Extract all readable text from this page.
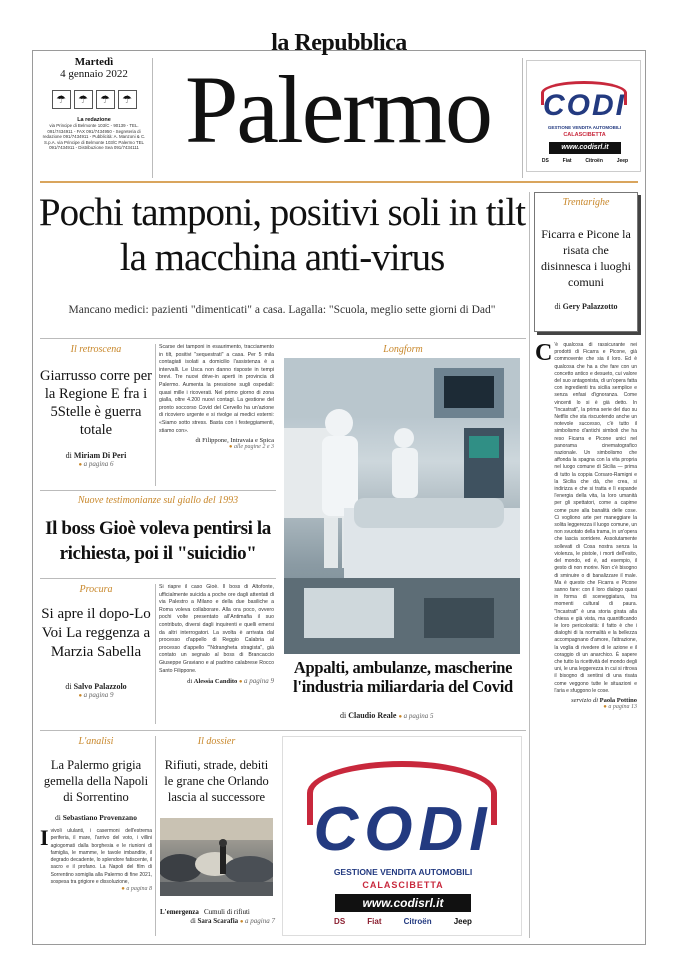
la Repubblica
Palermo
Martedì
4 gennaio 2022
☂	☂	☂	☂
La redazione
via Principe di Belmonte 103/C - 90139 - TEL. 091/7434911 - FAX 091/7434950 - Segreteria di redazione 091/7434911 - Pubblicità: A. Manzoni & C. S.p.A. via Principe di Belmonte 103/C Palermo TEL 091/7434911 - Distribuzione Sea 091/7434111
CODI
GESTIONE VENDITA AUTOMOBILI
CALASCIBETTA
www.codisrl.it
DS	Fiat	Citroën	Jeep
Pochi tamponi, positivi soli in tilt la macchina anti-virus
Mancano medici: pazienti "dimenticati" a casa. Lagalla: "Scuola, meglio sette giorni di Dad"
Il retroscena
Giarrusso corre per la Regione E fra i 5Stelle è guerra totale
di Miriam Di Peri
● a pagina 6
Scarse dei tamponi in esaurimento, tracciamento in tilt, positivi "sequestrati" a casa. Per 5 mila contagiati isolati a domicilio l'assistenza è a intervalli. Le Usca non danno risposte in tempi brevi. Tre nuovi drive-in aperti in provincia di Palermo. Aumenta la pressione sugli ospedali: quasi mille i ricoverati. Nel primo giorno di zona gialla, oltre 4.200 nuovi contagi. La gestione del pronto soccorso Covid del Cervello ha un'azione di ricoviero urgente e si rivolge ai medici esterni: «Siamo sotto stress. Basta con i festeggiamenti, stiamo con».
di Filippone, Intravaia e Spica
● alle pagine 2 e 3
Longform
Appalti, ambulanze, mascherine l'industria miliardaria del Covid
di Claudio Reale ● a pagina 5
Nuove testimonianze sul giallo del 1993
Il boss Gioè voleva pentirsi la richiesta, poi il "suicidio"
Procura
Si apre il dopo-Lo Voi La reggenza a Marzia Sabella
di Salvo Palazzolo
● a pagina 9
Si riapre il caso Gioè. Il boss di Altofonte, ufficialmente suicida a poche ore dagli attentati di via Palestro a Milano e della due basiliche a Roma voleva collaborare. Alla ora poco, ovvero pochi volte presentato all'Antimafia il suo contributo, diversi dagli inquirenti e quelli emersi da altri interrogatori. La svolta è arrivata dal processo d'appello di Reggio Calabria al processo d'appello "'Ndrangheta stragista", già contato un segnalo al boss di Brancaccio Giuseppe Graviano e al padrino calabrese Rocco Santo Filippone.
di Alessia Candito ● a pagina 9
L'analisi
La Palermo grigia gemella della Napoli di Sorrentino
di Sebastiano Provenzano
I vivoli ululanti, i casermoni dell'estrema periferia, il mare, l'arrivo del voto, i villini agiogomati dalla borghesia e le riunioni di famiglia, le mamme, le tavole imbandite, il degrado decadente, lo splendore fatiscente, il sacro e il profano. La Napoli del film di Sorrentino somiglia alla Palermo di fine 2021, sospesa tra grigiore e dissoluzione,
● a pagina 8
Il dossier
Rifiuti, strade, debiti le grane che Orlando lascia al successore
L'emergenza Cumuli di rifiuti
di Sara Scarafia ● a pagina 7
CODI
GESTIONE VENDITA AUTOMOBILI
CALASCIBETTA
www.codisrl.it
DS	Fiat	Citroën	Jeep
Trentarighe
Ficarra e Picone la risata che disinnesca i luoghi comuni
di Gery Palazzotto
C 'è qualcosa di rassicurante nei prodotti di Ficarra e Picone, già commovente che sia il loro. Ed è qualcosa che ha a che fare con un concetto antico e desueto, cui valore del suo antagonista, di un'opera fatta con ingredienti tra sicilia semplice e senza enfasi d'ignoranza. Come vincenti lo si è già detto. In "Incastrati", la prima serie del duo su Netflix che sta riscuotendo anche un notevole successo, c'è tutto il simbolismo d'antichi simboli che ha reso Ficarra e Picone unici nel panorama cinematografico nazionale. Un simbolismo che affonda la spagna con la vita propria nel luogo comune di Sicilia — prima di tutto la coppia Corsaro-Ramigni e la Sicilia che dà, che crea, si indirizza e che si tratta e lì espande l'energia della vita, la loro umanità per gli spettatori, come a capirne come pure alla banalità delle cose. Ci vogliono arte per maneggiare la solita leggerezza il luogo comune, un non svuotato della trama, in un'opera che lascia sorridere. Assolutamente sollevati di Cosa nostra senza la violenza, le pistole, i morti dell'esito, del mondo, ed è, ad esempio, il gesto di non morire. Non c'è bisogno di sminuire o di banalizzare il male. Ma è questo che Ficarra e Picone sanno fare: con il loro dialogo quasi in forma di sceneggiatura, tra momenti cultural di paura. "Incastrati" è una storia girata alla chiesa e già vista, ma quantificando le loro pericolosità: il fatto è che i dialoghi di la normalità e la bellezza accompagnano d'amore, l'attrazione, la voglia di rivedere di le azione e il coraggio di un anarchico. È sapere che tutto la ricettività del mondo degli uni, le una leggerezza in cui si ritrova il bisogno di sentirsi di una risata come veggono tutte le situazioni e l'aria e sfuggono le cose.
servizio di Paola Pottino
● a pagina 13
